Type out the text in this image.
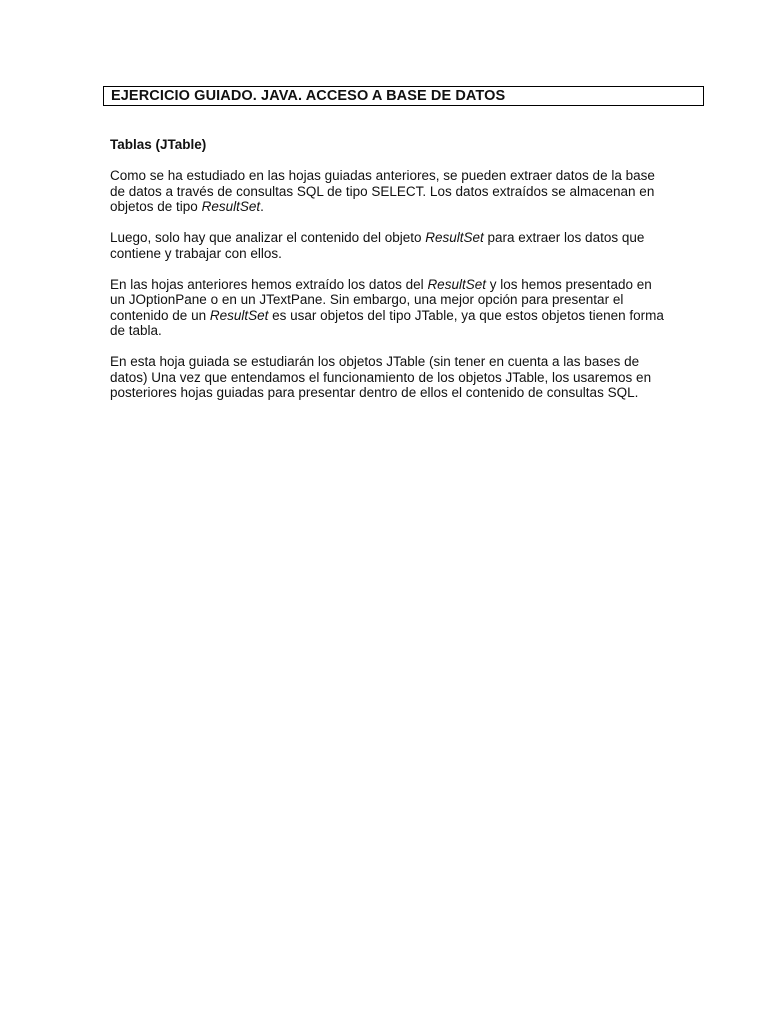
EJERCICIO GUIADO. JAVA. ACCESO A BASE DE DATOS
Tablas (JTable)

Como se ha estudiado en las hojas guiadas anteriores, se pueden extraer datos de la base
de datos a través de consultas SQL de tipo SELECT. Los datos extraídos se almacenan en
objetos de tipo ResultSet.

Luego, solo hay que analizar el contenido del objeto ResultSet para extraer los datos que
contiene y trabajar con ellos.

En las hojas anteriores hemos extraído los datos del ResultSet y los hemos presentado en
un JOptionPane o en un JTextPane. Sin embargo, una mejor opción para presentar el
contenido de un ResultSet es usar objetos del tipo JTable, ya que estos objetos tienen forma
de tabla.

En esta hoja guiada se estudiarán los objetos JTable (sin tener en cuenta a las bases de
datos) Una vez que entendamos el funcionamiento de los objetos JTable, los usaremos en
posteriores hojas guiadas para presentar dentro de ellos el contenido de consultas SQL.
